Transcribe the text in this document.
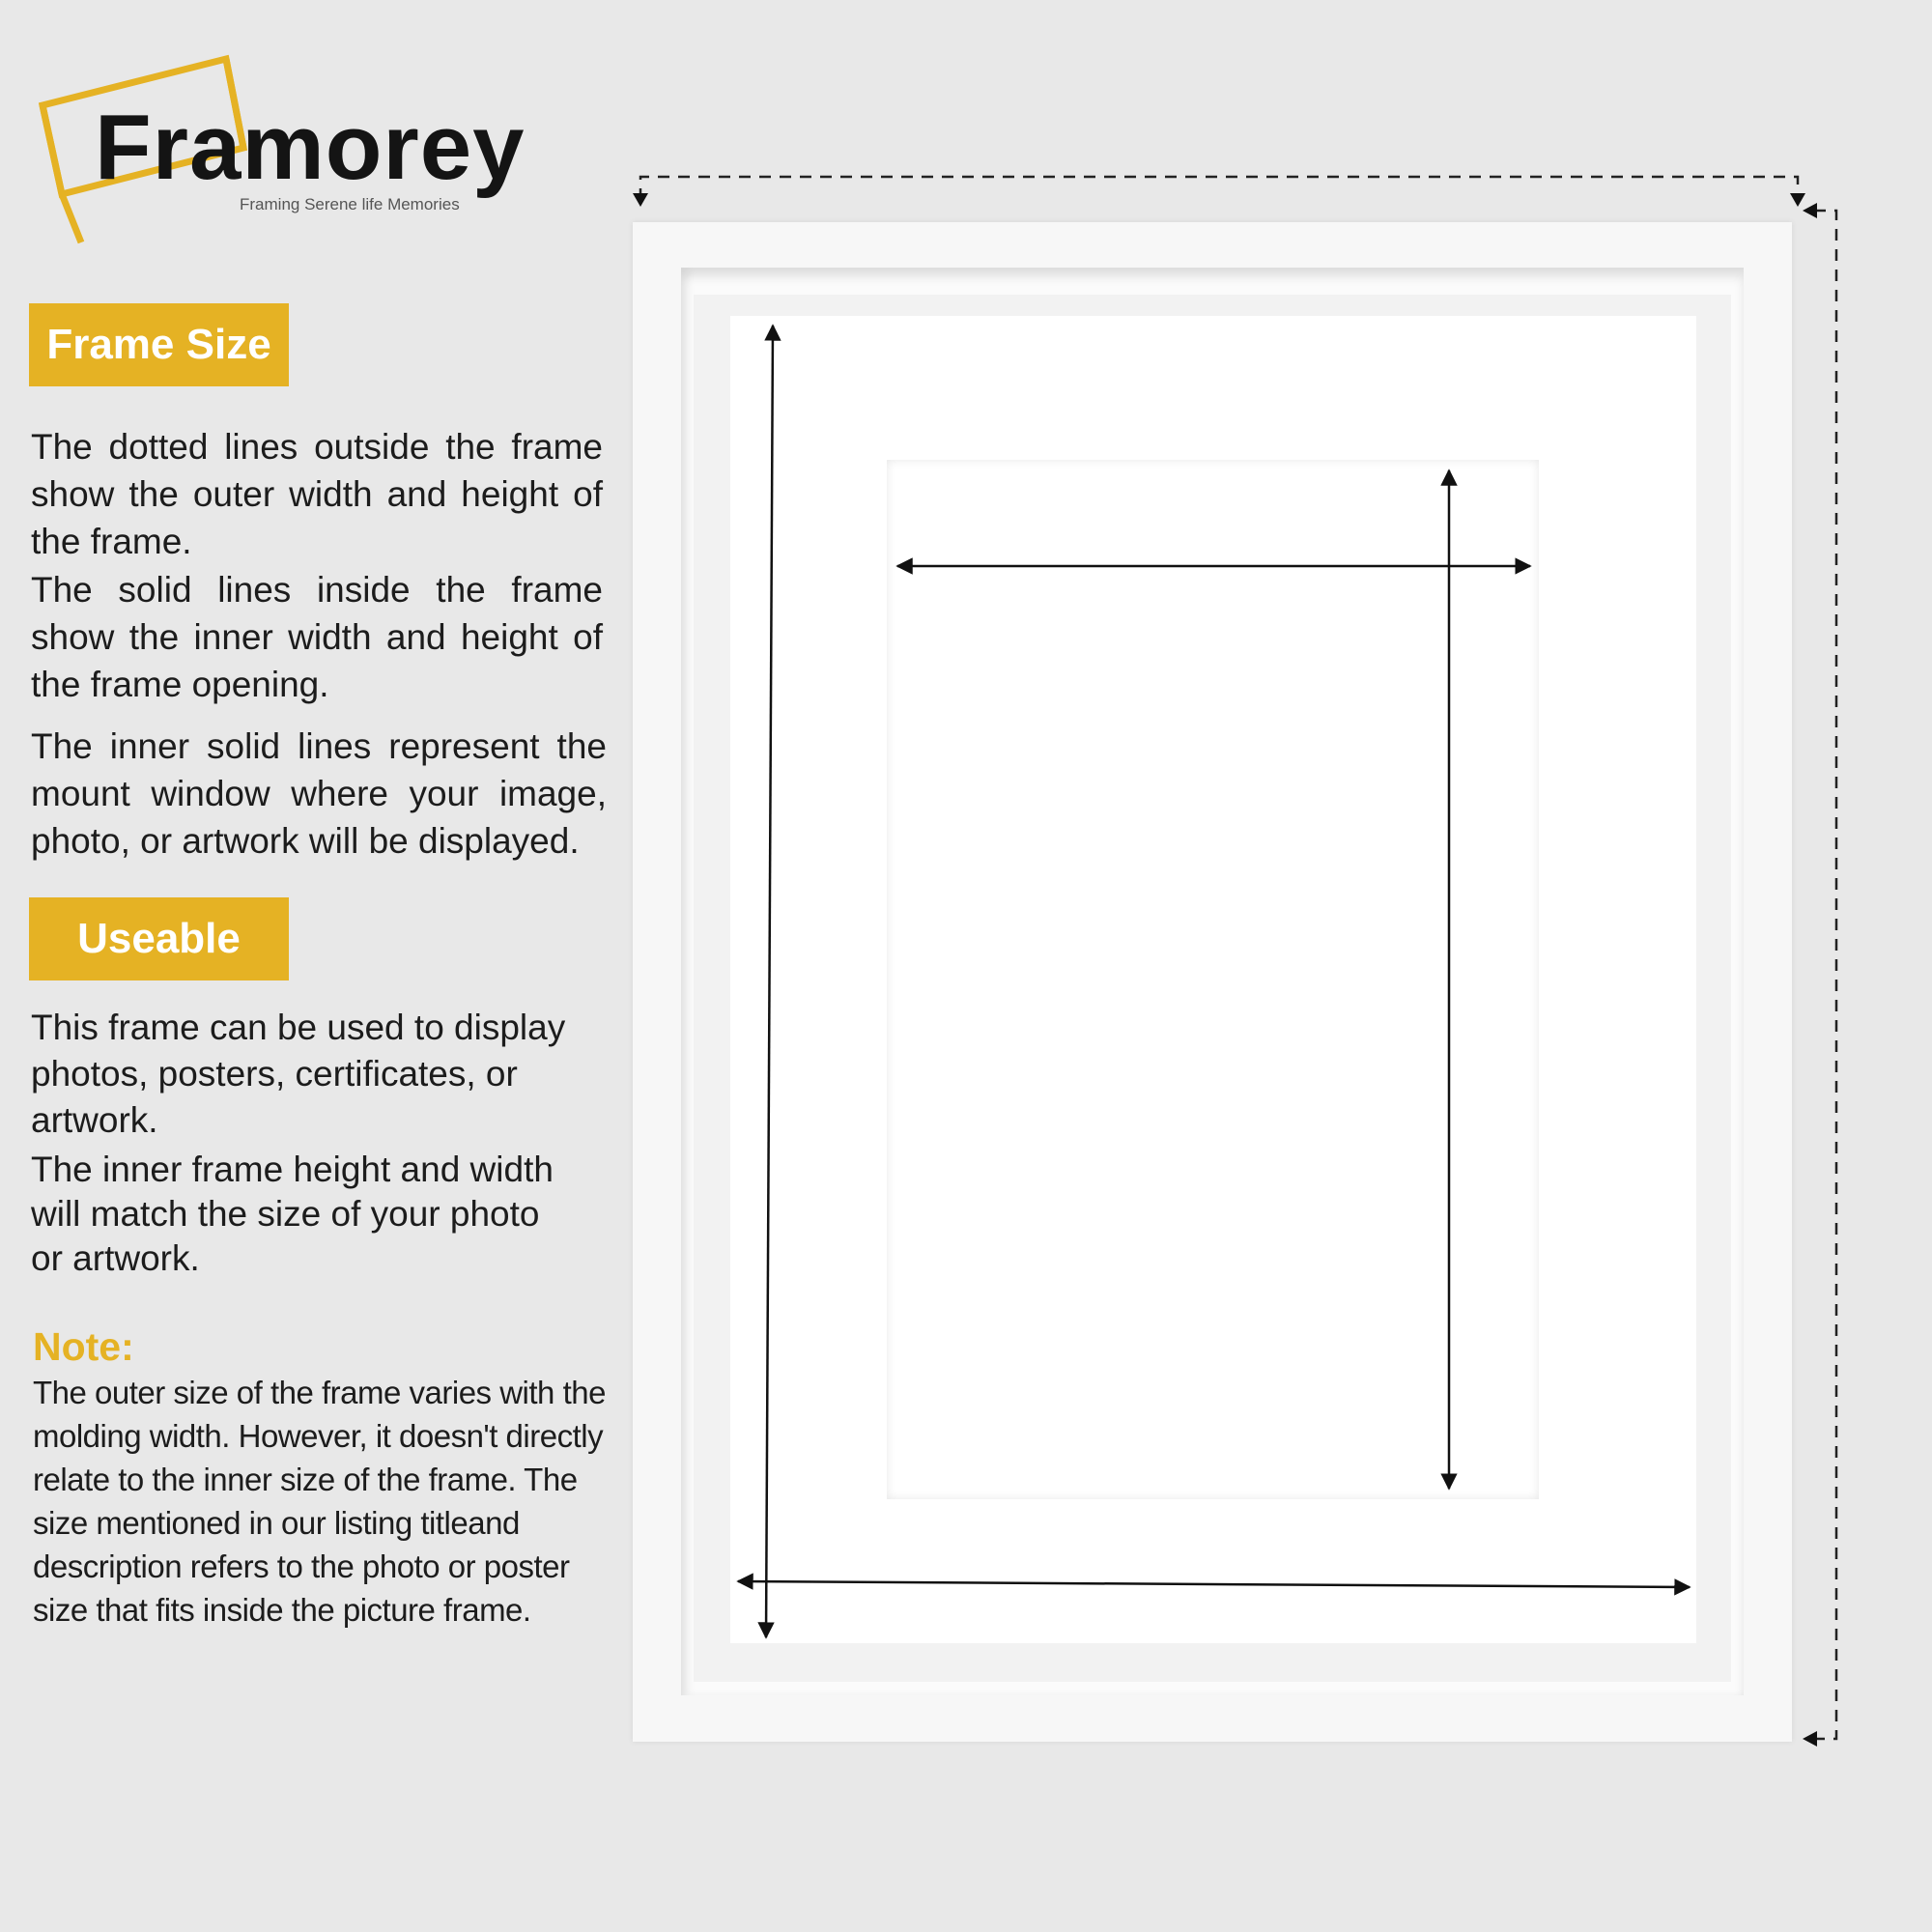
Framorey
Framing Serene life Memories
Frame Size

The dotted lines outside the frame show the outer width and height of the frame.

The solid lines inside the frame show the inner width and height of the frame opening.

The inner solid lines represent the mount window where your image, photo, or artwork will be displayed.

Useable

This frame can be used to display photos, posters, certificates, or artwork.

The inner frame height and width will match the size of your photo or artwork.

Note:

The outer size of the frame varies with the molding width. However, it doesn't directly relate to the inner size of the frame. The size mentioned in our listing titleand description refers to the photo or poster size that fits inside the picture frame.
